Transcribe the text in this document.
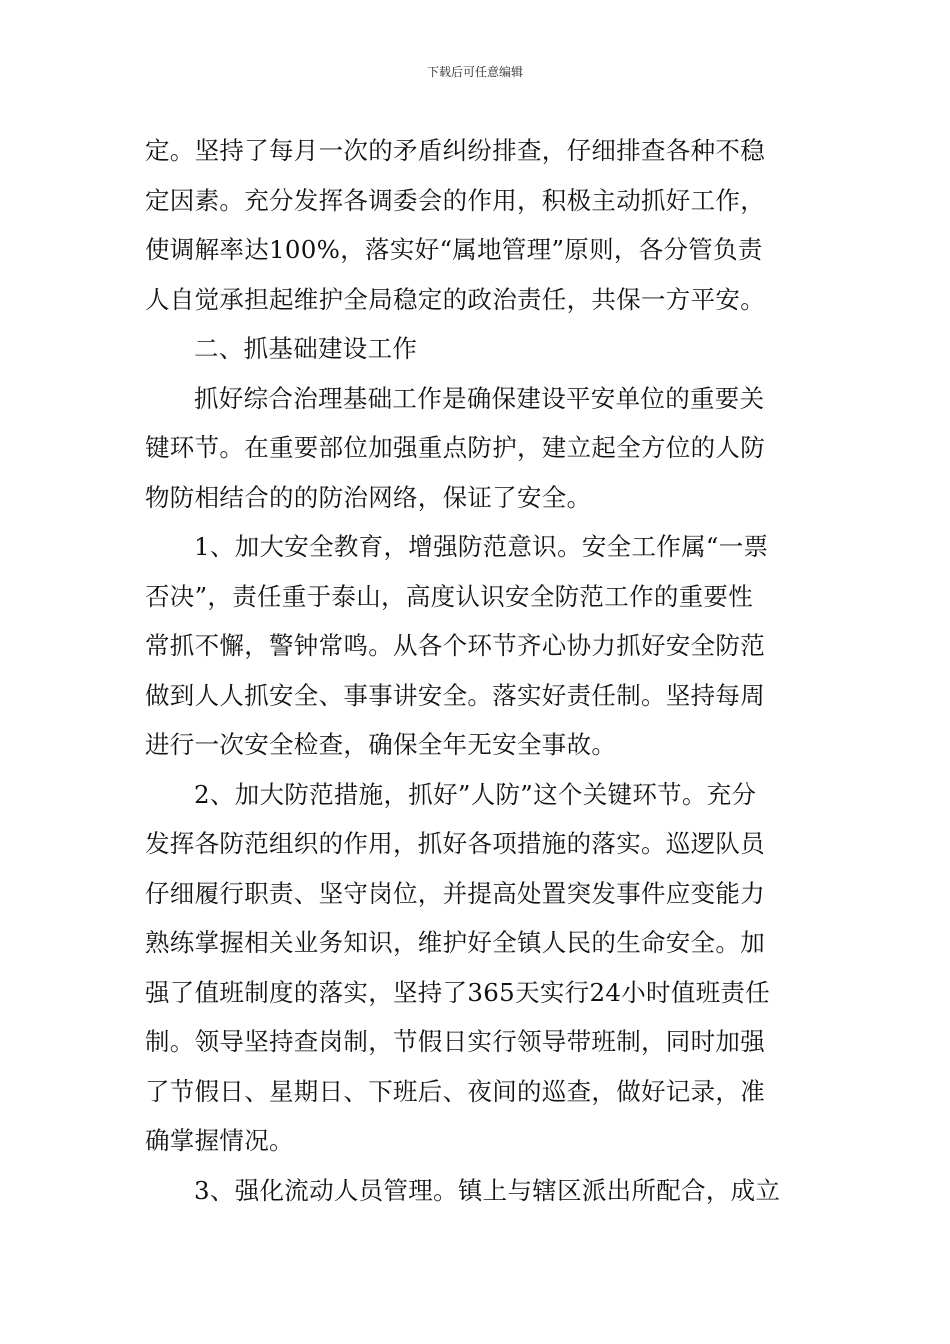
下载后可任意编辑
定。坚持了每月一次的矛盾纠纷排查，仔细排查各种不稳
定因素。充分发挥各调委会的作用，积极主动抓好工作，
使调解率达100%，落实好“属地管理”原则，各分管负责
人自觉承担起维护全局稳定的政治责任，共保一方平安。
二、抓基础建设工作
抓好综合治理基础工作是确保建设平安单位的重要关
键环节。在重要部位加强重点防护，建立起全方位的人防
物防相结合的的防治网络，保证了安全。
1、加大安全教育，增强防范意识。安全工作属“一票
否决”，责任重于泰山，高度认识安全防范工作的重要性
常抓不懈，警钟常鸣。从各个环节齐心协力抓好安全防范
做到人人抓安全、事事讲安全。落实好责任制。坚持每周
进行一次安全检查，确保全年无安全事故。
2、加大防范措施，抓好”人防”这个关键环节。充分
发挥各防范组织的作用，抓好各项措施的落实。巡逻队员
仔细履行职责、坚守岗位，并提高处置突发事件应变能力
熟练掌握相关业务知识，维护好全镇人民的生命安全。加
强了值班制度的落实，坚持了365天实行24小时值班责任
制。领导坚持查岗制，节假日实行领导带班制，同时加强
了节假日、星期日、下班后、夜间的巡查，做好记录，准
确掌握情况。
3、强化流动人员管理。镇上与辖区派出所配合，成立
